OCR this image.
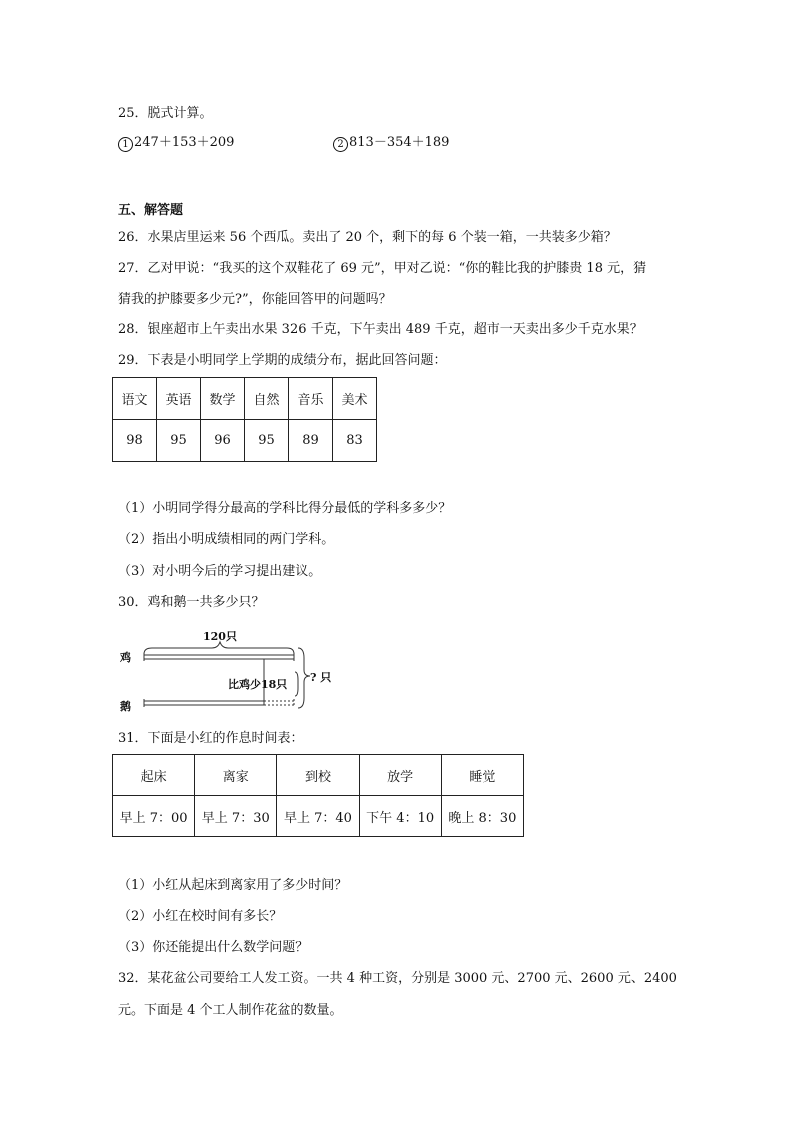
25．脱式计算。
1 247＋153＋209	2 813－354＋189
五、解答题
26．水果店里运来 56 个西瓜。卖出了 20 个，剩下的每 6 个装一箱，一共装多少箱？
27．乙对甲说：“我买的这个双鞋花了 69 元”，甲对乙说：“你的鞋比我的护膝贵 18 元，猜
猜我的护膝要多少元?”，你能回答甲的问题吗？
28．银座超市上午卖出水果 326 千克，下午卖出 489 千克，超市一天卖出多少千克水果？
29．下表是小明同学上学期的成绩分布，据此回答问题：
语文	英语	数学	自然	音乐	美术
98	95	96	95	89	83
（1）小明同学得分最高的学科比得分最低的学科多多少？
（2）指出小明成绩相同的两门学科。
（3）对小明今后的学习提出建议。
30．鸡和鹅一共多少只？
鸡
鹅
120只
比鸡少18只
? 只
31．下面是小红的作息时间表：
起床	离家	到校	放学	睡觉
早上 7：00	早上 7：30	早上 7：40	下午 4：10	晚上 8：30
（1）小红从起床到离家用了多少时间？
（2）小红在校时间有多长？
（3）你还能提出什么数学问题？
32．某花盆公司要给工人发工资。一共 4 种工资，分别是 3000 元、2700 元、2600 元、2400
元。下面是 4 个工人制作花盆的数量。
